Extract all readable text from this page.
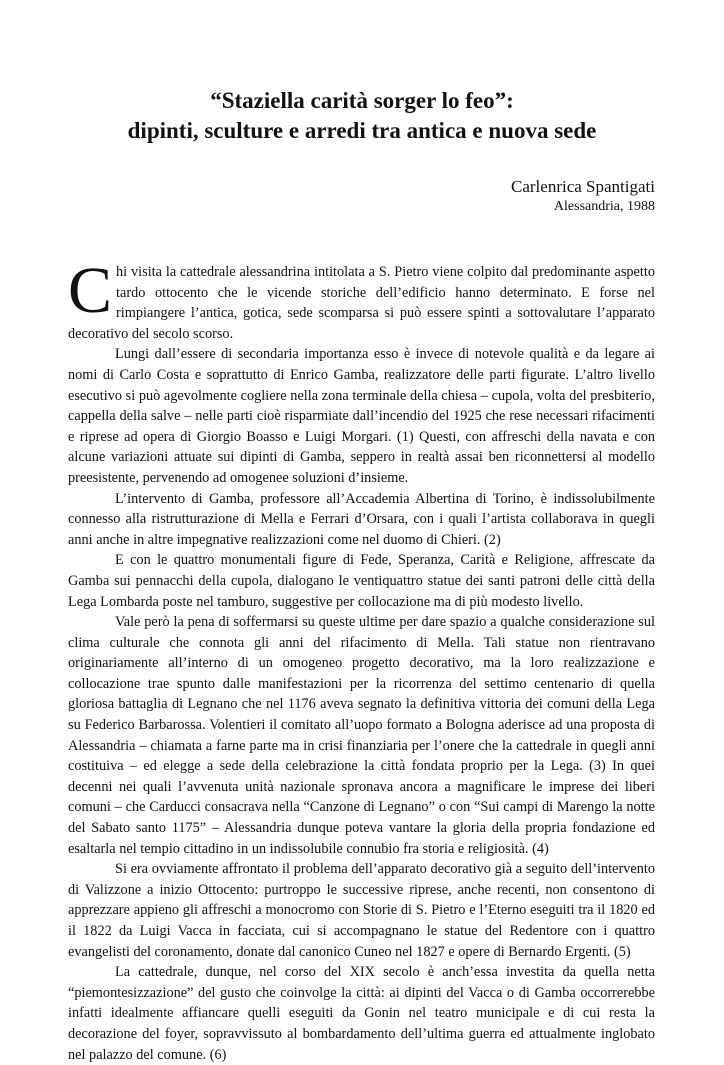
“Staziella carità sorger lo feo”:
dipinti, sculture e arredi tra antica e nuova sede
Carlenrica Spantigati
Alessandria, 1988

Chi visita la cattedrale alessandrina intitolata a S. Pietro viene colpito dal predominante aspetto tardo ottocento che le vicende storiche dell’edificio hanno determinato. E forse nel rimpiangere l’antica, gotica, sede scomparsa si può essere spinti a sottovalutare l’apparato decorativo del secolo scorso.

Lungi dall’essere di secondaria importanza esso è invece di notevole qualità e da legare ai nomi di Carlo Costa e soprattutto di Enrico Gamba, realizzatore delle parti figurate. L’altro livello esecutivo si può agevolmente cogliere nella zona terminale della chiesa – cupola, volta del presbiterio, cappella della salve – nelle parti cioè risparmiate dall’incendio del 1925 che rese necessari rifacimenti e riprese ad opera di Giorgio Boasso e Luigi Morgari. (1) Questi, con affreschi della navata e con alcune variazioni attuate sui dipinti di Gamba, seppero in realtà assai ben riconnettersi al modello preesistente, pervenendo ad omogenee soluzioni d’insieme.

L’intervento di Gamba, professore all’Accademia Albertina di Torino, è indissolubilmente connesso alla ristrutturazione di Mella e Ferrari d’Orsara, con i quali l’artista collaborava in quegli anni anche in altre impegnative realizzazioni come nel duomo di Chieri. (2)

E con le quattro monumentali figure di Fede, Speranza, Carità e Religione, affrescate da Gamba sui pennacchi della cupola, dialogano le ventiquattro statue dei santi patroni delle città della Lega Lombarda poste nel tamburo, suggestive per collocazione ma di più modesto livello.

Vale però la pena di soffermarsi su queste ultime per dare spazio a qualche considerazione sul clima culturale che connota gli anni del rifacimento di Mella. Tali statue non rientravano originariamente all’interno di un omogeneo progetto decorativo, ma la loro realizzazione e collocazione trae spunto dalle manifestazioni per la ricorrenza del settimo centenario di quella gloriosa battaglia di Legnano che nel 1176 aveva segnato la definitiva vittoria dei comuni della Lega su Federico Barbarossa. Volentieri il comitato all’uopo formato a Bologna aderisce ad una proposta di Alessandria – chiamata a farne parte ma in crisi finanziaria per l’onere che la cattedrale in quegli anni costituiva – ed elegge a sede della celebrazione la città fondata proprio per la Lega. (3) In quei decenni nei quali l’avvenuta unità nazionale spronava ancora a magnificare le imprese dei liberi comuni – che Carducci consacrava nella “Canzone di Legnano” o con “Sui campi di Marengo la notte del Sabato santo 1175” – Alessandria dunque poteva vantare la gloria della propria fondazione ed esaltarla nel tempio cittadino in un indissolubile connubio fra storia e religiosità. (4)

Si era ovviamente affrontato il problema dell’apparato decorativo già a seguito dell’intervento di Valizzone a inizio Ottocento: purtroppo le successive riprese, anche recenti, non consentono di apprezzare appieno gli affreschi a monocromo con Storie di S. Pietro e l’Eterno eseguiti tra il 1820 ed il 1822 da Luigi Vacca in facciata, cui si accompagnano le statue del Redentore con i quattro evangelisti del coronamento, donate dal canonico Cuneo nel 1827 e opere di Bernardo Ergenti. (5)

La cattedrale, dunque, nel corso del XIX secolo è anch’essa investita da quella netta “piemontesizzazione” del gusto che coinvolge la città: ai dipinti del Vacca o di Gamba occorrerebbe infatti idealmente affiancare quelli eseguiti da Gonin nel teatro municipale e di cui resta la decorazione del foyer, sopravvissuto al bombardamento dell’ultima guerra ed attualmente inglobato nel palazzo del comune. (6)
